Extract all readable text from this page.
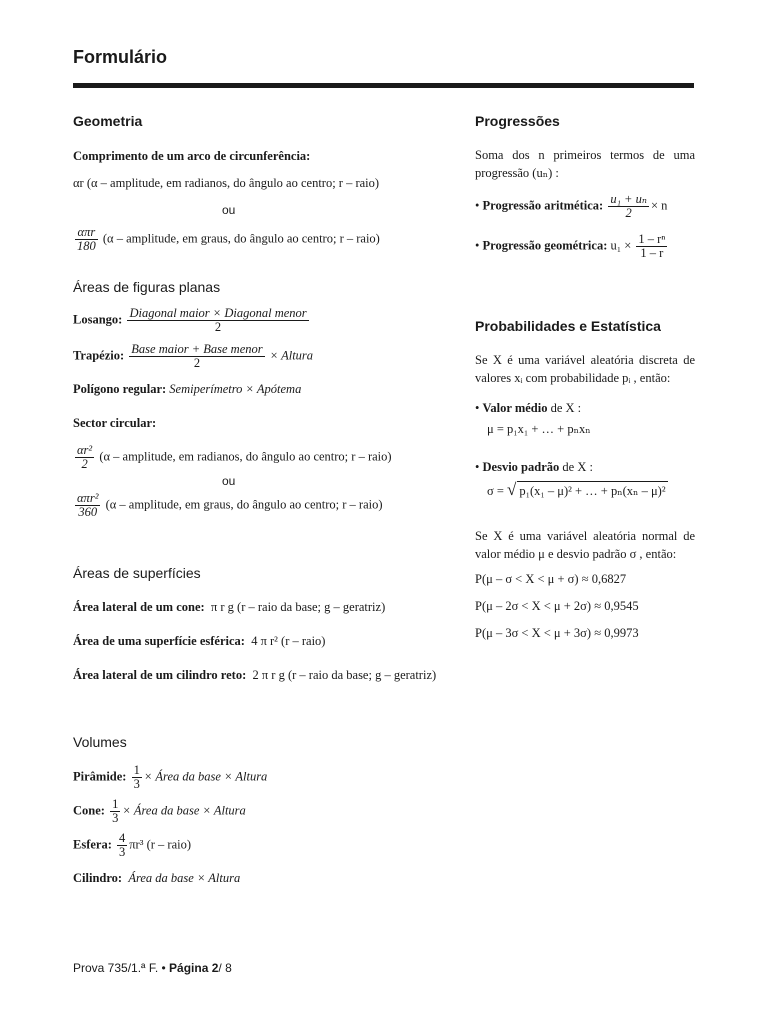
Formulário
Geometria
Comprimento de um arco de circunferência:
αr (α – amplitude, em radianos, do ângulo ao centro; r – raio)
ou
$\frac{\text{απr}}{180} (\alpha$ – amplitude, em graus, do ângulo ao centro; r – raio)
Áreas de figuras planas
Losango: $\frac{\text{Diagonal maior × Diagonal menor}}{2}$
Trapézio: $\frac{\text{Base maior + Base menor}}{2}$ × Altura
Polígono regular: Semiperímetro × Apótema
Sector circular:
$\frac{\text{αr²}}{2} (\alpha$ – amplitude, em radianos, do ângulo ao centro; r – raio)
ou
$\frac{\text{απr²}}{360} (\alpha$ – amplitude, em graus, do ângulo ao centro; r – raio)
Áreas de superfícies
Área lateral de um cone: π r g (r – raio da base; g – geratriz)
Área de uma superfície esférica: 4 π r² (r – raio)
Área lateral de um cilindro reto: 2 π r g (r – raio da base; g – geratriz)
Volumes
Pirâmide: $\frac{1}{3}$ × Área da base × Altura
Cone: $\frac{1}{3}$ × Área da base × Altura
Esfera: $\frac{4}{3} \pi r^3$ (r – raio)
Cilindro: Área da base × Altura
Progressões
Soma dos n primeiros termos de uma progressão (uₙ) :
• Progressão aritmética: $\frac{\text{u₁ + uₙ}}{2} \times n$
• Progressão geométrica: $u_1 \times \frac{\text{1 – rⁿ}}{1 - r}$
Probabilidades e Estatística
Se X é uma variável aleatória discreta de valores xᵢ com probabilidade pᵢ , então:
• Valor médio de X :
μ = p₁x₁ + … + pₙxₙ
• Desvio padrão de X :
σ = √ p₁(x₁ – μ)² + … + pₙ(xₙ – μ)²
Se X é uma variável aleatória normal de valor médio μ e desvio padrão σ , então:
P(μ – σ < X < μ + σ) ≈ 0,6827
P(μ – 2σ < X < μ + 2σ) ≈ 0,9545
P(μ – 3σ < X < μ + 3σ) ≈ 0,9973
Prova 735/1.ª F. • Página 2/ 8
